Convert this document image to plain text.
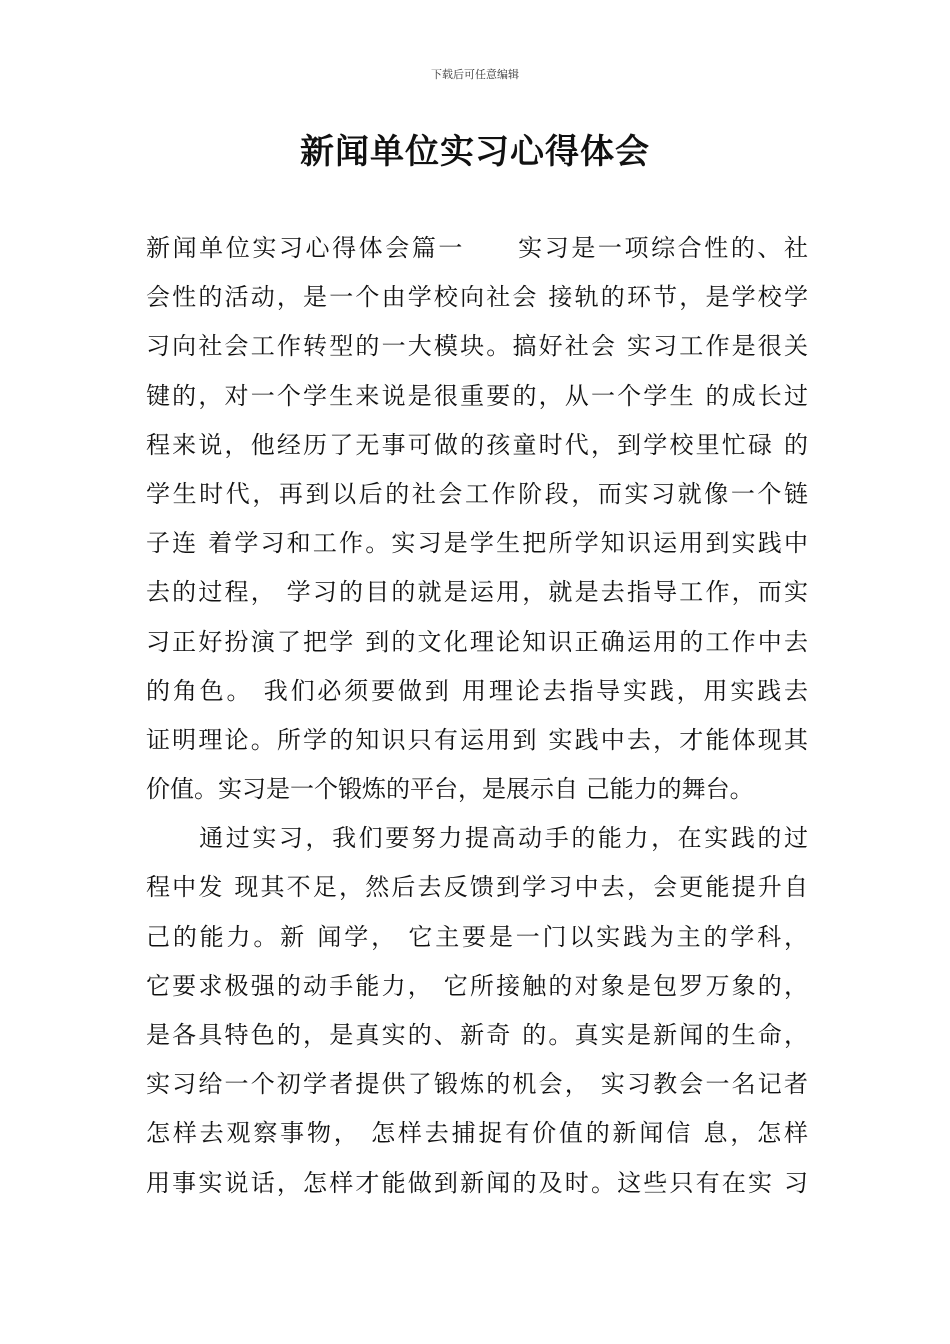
下载后可任意编辑
新闻单位实习心得体会
新闻单位实习心得体会篇一　　实习是一项综合性的、社
会性的活动，是一个由学校向社会 接轨的环节，是学校学
习向社会工作转型的一大模块。搞好社会 实习工作是很关
键的，对一个学生来说是很重要的，从一个学生 的成长过
程来说，他经历了无事可做的孩童时代，到学校里忙碌 的
学生时代，再到以后的社会工作阶段，而实习就像一个链
子连 着学习和工作。实习是学生把所学知识运用到实践中
去的过程， 学习的目的就是运用，就是去指导工作，而实
习正好扮演了把学 到的文化理论知识正确运用的工作中去
的角色。 我们必须要做到 用理论去指导实践，用实践去
证明理论。所学的知识只有运用到 实践中去，才能体现其
价值。实习是一个锻炼的平台，是展示自 己能力的舞台。
　　通过实习，我们要努力提高动手的能力，在实践的过
程中发 现其不足，然后去反馈到学习中去，会更能提升自
己的能力。新 闻学， 它主要是一门以实践为主的学科，
它要求极强的动手能力， 它所接触的对象是包罗万象的，
是各具特色的，是真实的、新奇 的。真实是新闻的生命，
实习给一个初学者提供了锻炼的机会， 实习教会一名记者
怎样去观察事物， 怎样去捕捉有价值的新闻信 息，怎样
用事实说话，怎样才能做到新闻的及时。这些只有在实 习
